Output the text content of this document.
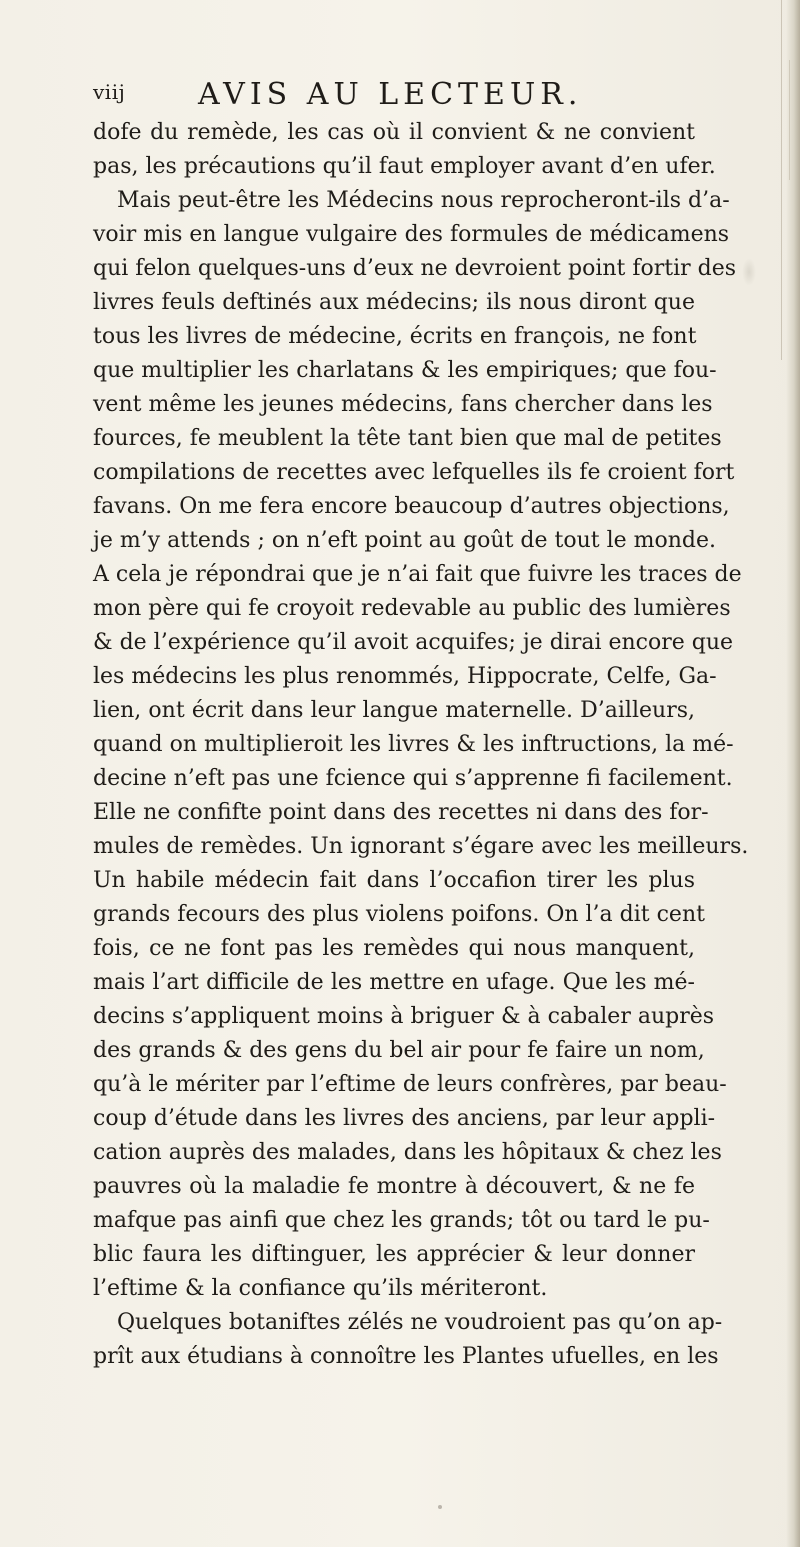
viij AVIS AU LECTEUR.
dofe du remède, les cas où il convient & ne convient
pas, les précautions qu’il faut employer avant d’en ufer.
Mais peut-être les Médecins nous reprocheront-ils d’a-
voir mis en langue vulgaire des formules de médicamens
qui felon quelques-uns d’eux ne devroient point fortir des
livres feuls deftinés aux médecins; ils nous diront que
tous les livres de médecine, écrits en françois, ne font
que multiplier les charlatans & les empiriques; que fou-
vent même les jeunes médecins, fans chercher dans les
fources, fe meublent la tête tant bien que mal de petites
compilations de recettes avec lefquelles ils fe croient fort
favans. On me fera encore beaucoup d’autres objections,
je m’y attends ; on n’eft point au goût de tout le monde.
A cela je répondrai que je n’ai fait que fuivre les traces de
mon père qui fe croyoit redevable au public des lumières
& de l’expérience qu’il avoit acquifes; je dirai encore que
les médecins les plus renommés, Hippocrate, Celfe, Ga-
lien, ont écrit dans leur langue maternelle. D’ailleurs,
quand on multiplieroit les livres & les inftructions, la mé-
decine n’eft pas une fcience qui s’apprenne fi facilement.
Elle ne confifte point dans des recettes ni dans des for-
mules de remèdes. Un ignorant s’égare avec les meilleurs.
Un habile médecin fait dans l’occafion tirer les plus
grands fecours des plus violens poifons. On l’a dit cent
fois, ce ne font pas les remèdes qui nous manquent,
mais l’art difficile de les mettre en ufage. Que les mé-
decins s’appliquent moins à briguer & à cabaler auprès
des grands & des gens du bel air pour fe faire un nom,
qu’à le mériter par l’eftime de leurs confrères, par beau-
coup d’étude dans les livres des anciens, par leur appli-
cation auprès des malades, dans les hôpitaux & chez les
pauvres où la maladie fe montre à découvert, & ne fe
mafque pas ainfi que chez les grands; tôt ou tard le pu-
blic faura les diftinguer, les apprécier & leur donner
l’eftime & la confiance qu’ils mériteront.
Quelques botaniftes zélés ne voudroient pas qu’on ap-
prît aux étudians à connoître les Plantes ufuelles, en les
